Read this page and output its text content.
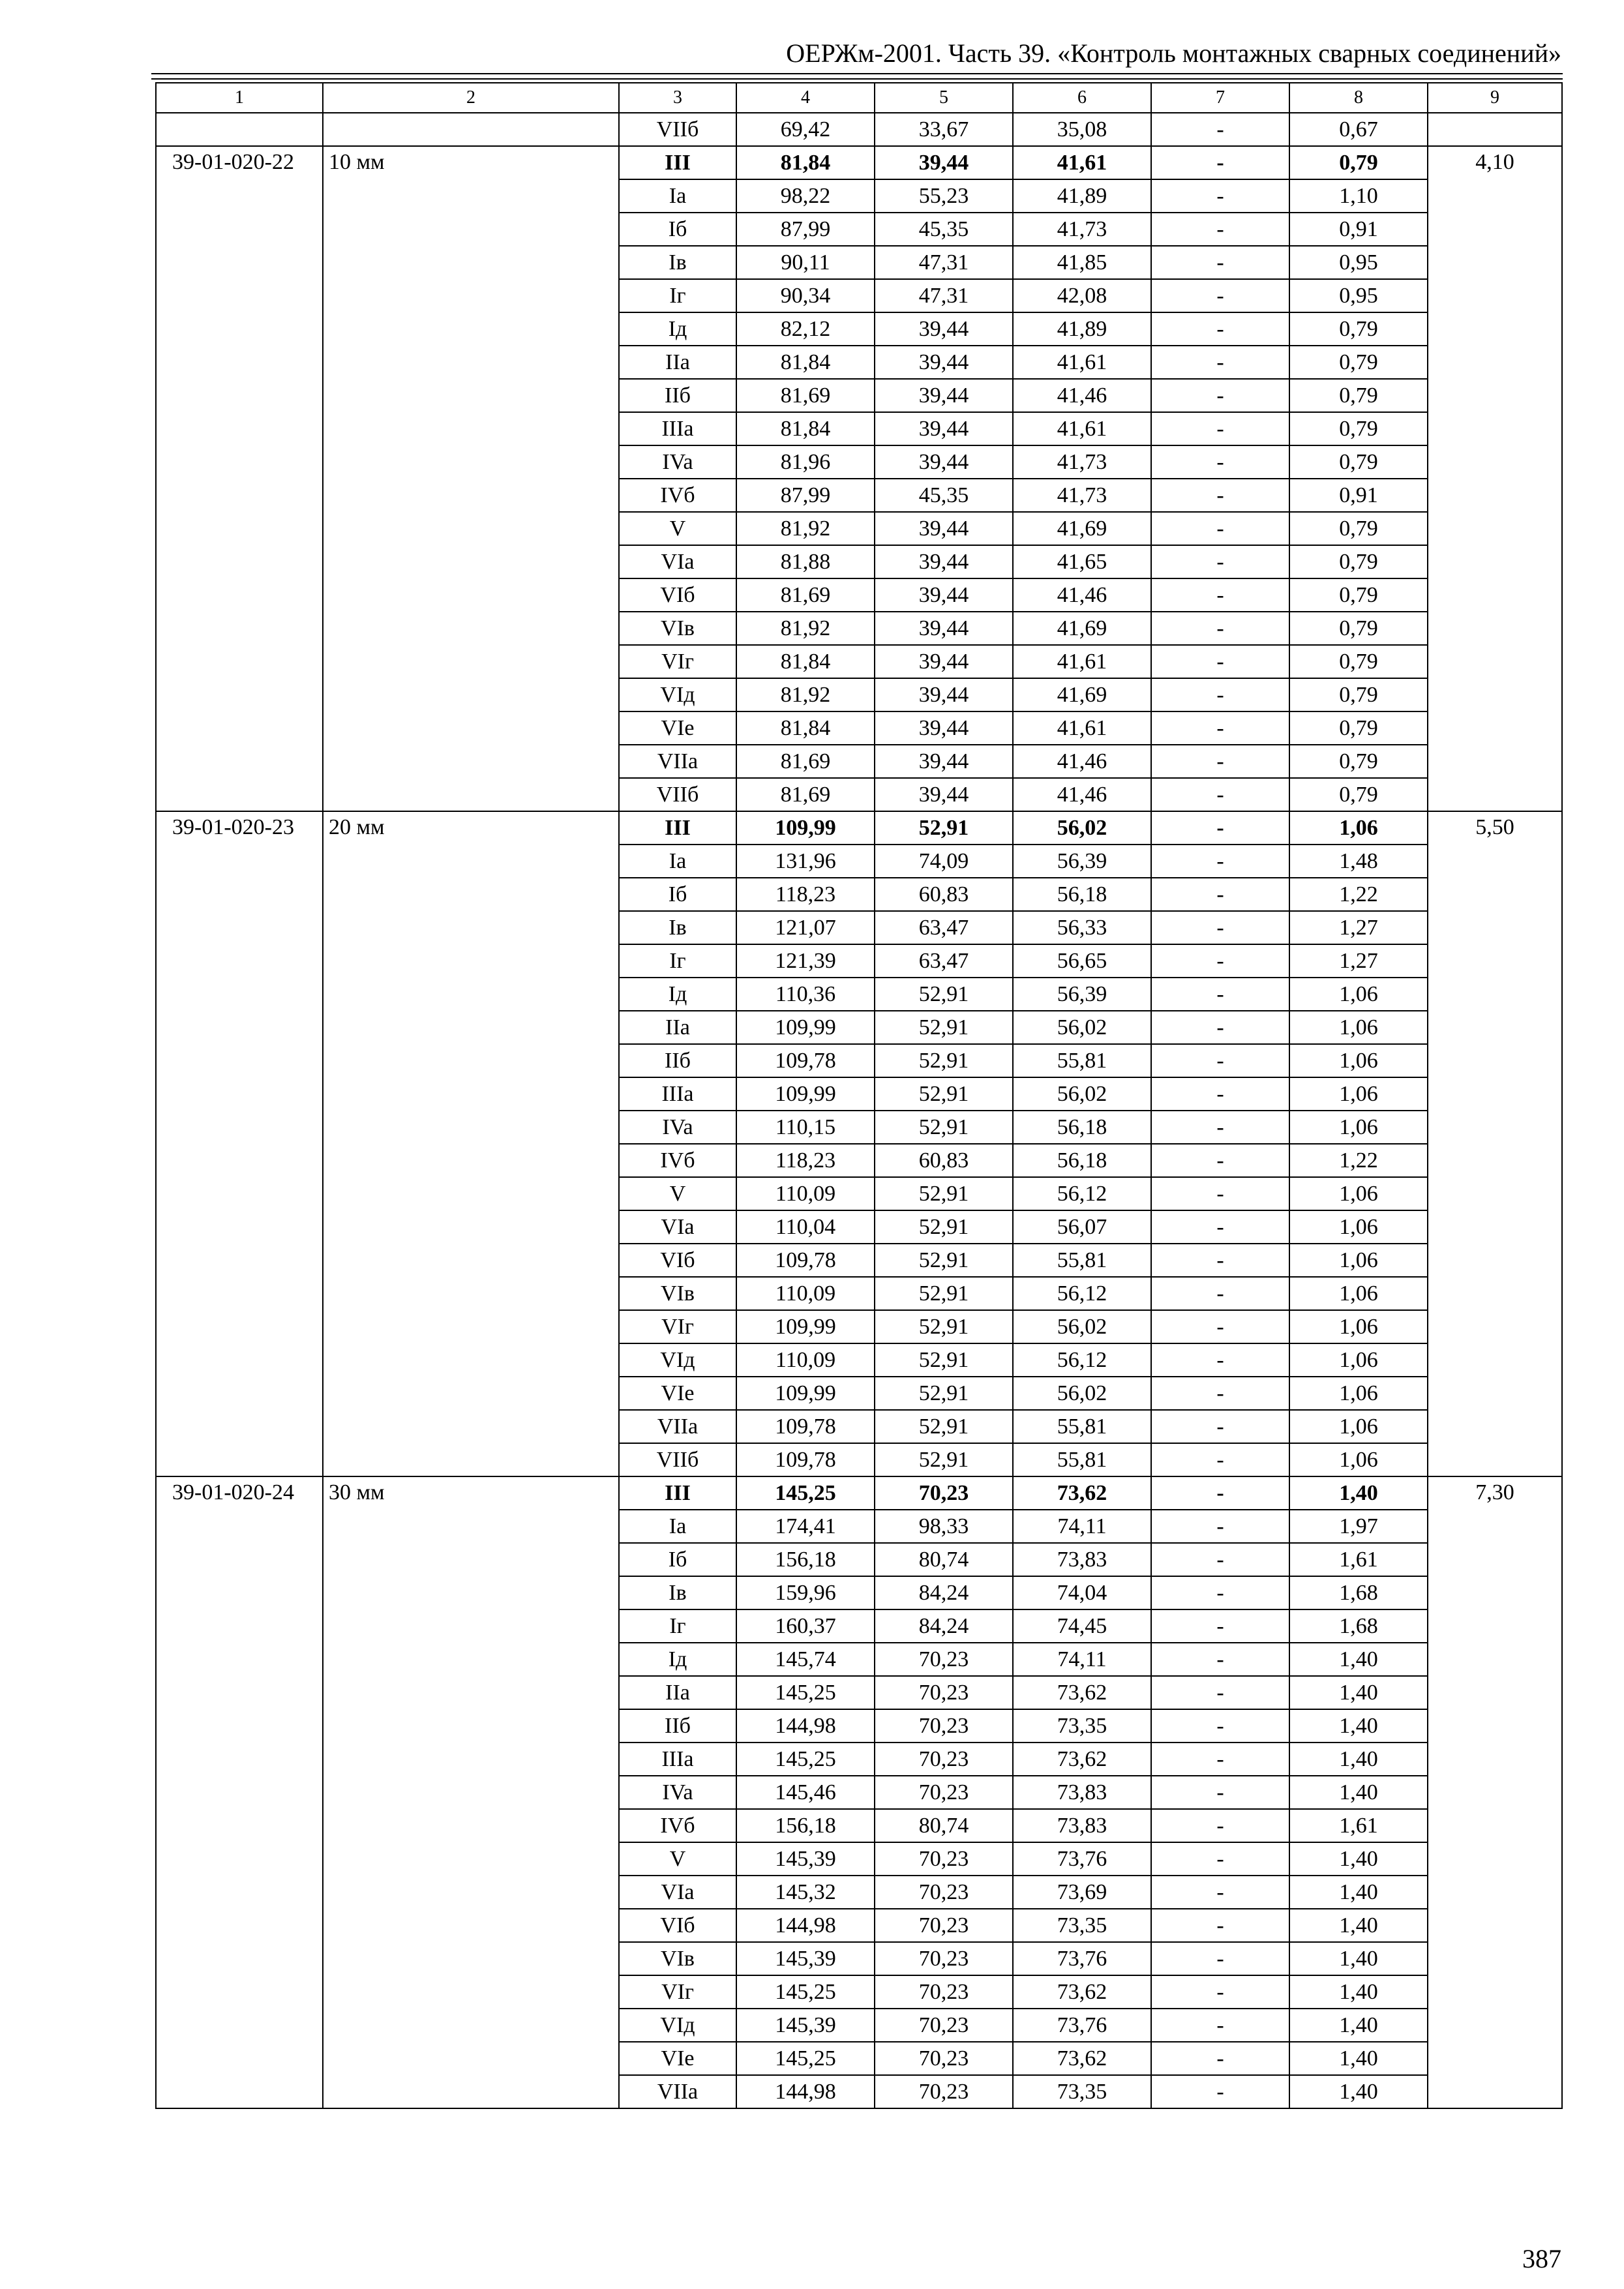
ОЕРЖм-2001. Часть 39. «Контроль монтажных сварных соединений»
1	2	3	4	5	6	7	8	9
		VIIб	69,42	33,67	35,08	-	0,67	
39-01-020-22	10 мм	III	81,84	39,44	41,61	-	0,79	4,10
		Ia	98,22	55,23	41,89	-	1,10	
		Iб	87,99	45,35	41,73	-	0,91	
		Iв	90,11	47,31	41,85	-	0,95	
		Iг	90,34	47,31	42,08	-	0,95	
		Iд	82,12	39,44	41,89	-	0,79	
		IIa	81,84	39,44	41,61	-	0,79	
		IIб	81,69	39,44	41,46	-	0,79	
		IIIa	81,84	39,44	41,61	-	0,79	
		IVa	81,96	39,44	41,73	-	0,79	
		IVб	87,99	45,35	41,73	-	0,91	
		V	81,92	39,44	41,69	-	0,79	
		VIa	81,88	39,44	41,65	-	0,79	
		VIб	81,69	39,44	41,46	-	0,79	
		VIв	81,92	39,44	41,69	-	0,79	
		VIг	81,84	39,44	41,61	-	0,79	
		VIд	81,92	39,44	41,69	-	0,79	
		VIe	81,84	39,44	41,61	-	0,79	
		VIIa	81,69	39,44	41,46	-	0,79	
		VIIб	81,69	39,44	41,46	-	0,79	
39-01-020-23	20 мм	III	109,99	52,91	56,02	-	1,06	5,50
		Ia	131,96	74,09	56,39	-	1,48	
		Iб	118,23	60,83	56,18	-	1,22	
		Iв	121,07	63,47	56,33	-	1,27	
		Iг	121,39	63,47	56,65	-	1,27	
		Iд	110,36	52,91	56,39	-	1,06	
		IIa	109,99	52,91	56,02	-	1,06	
		IIб	109,78	52,91	55,81	-	1,06	
		IIIa	109,99	52,91	56,02	-	1,06	
		IVa	110,15	52,91	56,18	-	1,06	
		IVб	118,23	60,83	56,18	-	1,22	
		V	110,09	52,91	56,12	-	1,06	
		VIa	110,04	52,91	56,07	-	1,06	
		VIб	109,78	52,91	55,81	-	1,06	
		VIв	110,09	52,91	56,12	-	1,06	
		VIг	109,99	52,91	56,02	-	1,06	
		VIд	110,09	52,91	56,12	-	1,06	
		VIe	109,99	52,91	56,02	-	1,06	
		VIIa	109,78	52,91	55,81	-	1,06	
		VIIб	109,78	52,91	55,81	-	1,06	
39-01-020-24	30 мм	III	145,25	70,23	73,62	-	1,40	7,30
		Ia	174,41	98,33	74,11	-	1,97	
		Iб	156,18	80,74	73,83	-	1,61	
		Iв	159,96	84,24	74,04	-	1,68	
		Iг	160,37	84,24	74,45	-	1,68	
		Iд	145,74	70,23	74,11	-	1,40	
		IIa	145,25	70,23	73,62	-	1,40	
		IIб	144,98	70,23	73,35	-	1,40	
		IIIa	145,25	70,23	73,62	-	1,40	
		IVa	145,46	70,23	73,83	-	1,40	
		IVб	156,18	80,74	73,83	-	1,61	
		V	145,39	70,23	73,76	-	1,40	
		VIa	145,32	70,23	73,69	-	1,40	
		VIб	144,98	70,23	73,35	-	1,40	
		VIв	145,39	70,23	73,76	-	1,40	
		VIг	145,25	70,23	73,62	-	1,40	
		VIд	145,39	70,23	73,76	-	1,40	
		VIe	145,25	70,23	73,62	-	1,40	
		VIIa	144,98	70,23	73,35	-	1,40	
387
